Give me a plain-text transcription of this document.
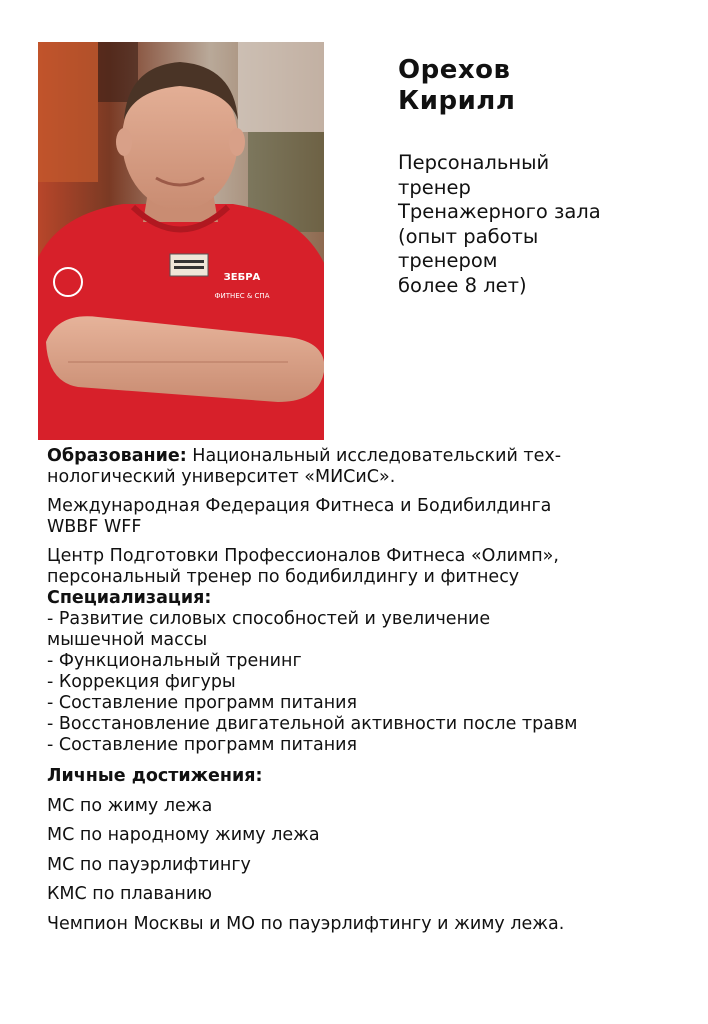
ЗЕБРА
ФИТНЕС & СПА
Орехов
Кирилл
Персональный
тренер
Тренажерного зала
(опыт работы
тренером
более 8 лет)
Образование: Национальный исследовательский тех-
нологический университет «МИСиС».
Международная Федерация Фитнеса и Бодибилдинга
WBBF WFF
Центр Подготовки Профессионалов Фитнеса «Олимп»,
персональный тренер по бодибилдингу и фитнесу
Специализация:
- Развитие силовых способностей и увеличение
мышечной массы
- Функциональный тренинг
- Коррекция фигуры
- Составление программ питания
- Восстановление двигательной активности после травм
- Составление программ питания
Личные достижения:
МС по жиму лежа
МС по народному жиму лежа
МС по пауэрлифтингу
КМС по плаванию
Чемпион Москвы и МО по пауэрлифтингу и жиму лежа.
